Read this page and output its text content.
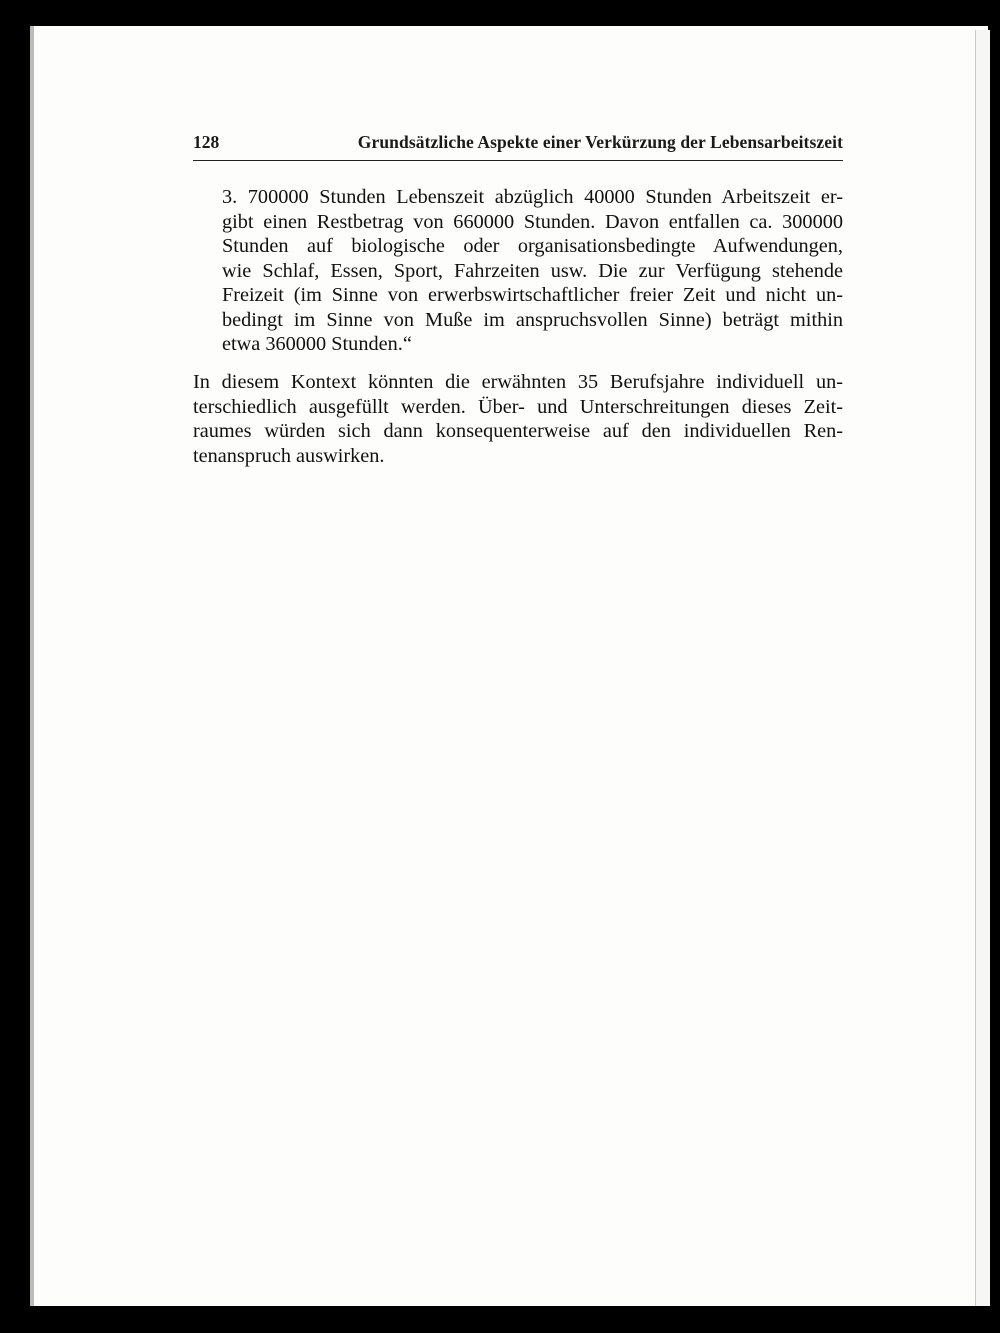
128	Grundsätzliche Aspekte einer Verkürzung der Lebensarbeitszeit

3. 700000 Stunden Lebenszeit abzüglich 40000 Stunden Arbeitszeit er-
gibt einen Restbetrag von 660000 Stunden. Davon entfallen ca. 300000
Stunden auf biologische oder organisationsbedingte Aufwendungen,
wie Schlaf, Essen, Sport, Fahrzeiten usw. Die zur Verfügung stehende
Freizeit (im Sinne von erwerbswirtschaftlicher freier Zeit und nicht un-
bedingt im Sinne von Muße im anspruchsvollen Sinne) beträgt mithin
etwa 360000 Stunden.“

In diesem Kontext könnten die erwähnten 35 Berufsjahre individuell un-
terschiedlich ausgefüllt werden. Über- und Unterschreitungen dieses Zeit-
raumes würden sich dann konsequenterweise auf den individuellen Ren-
tenanspruch auswirken.
